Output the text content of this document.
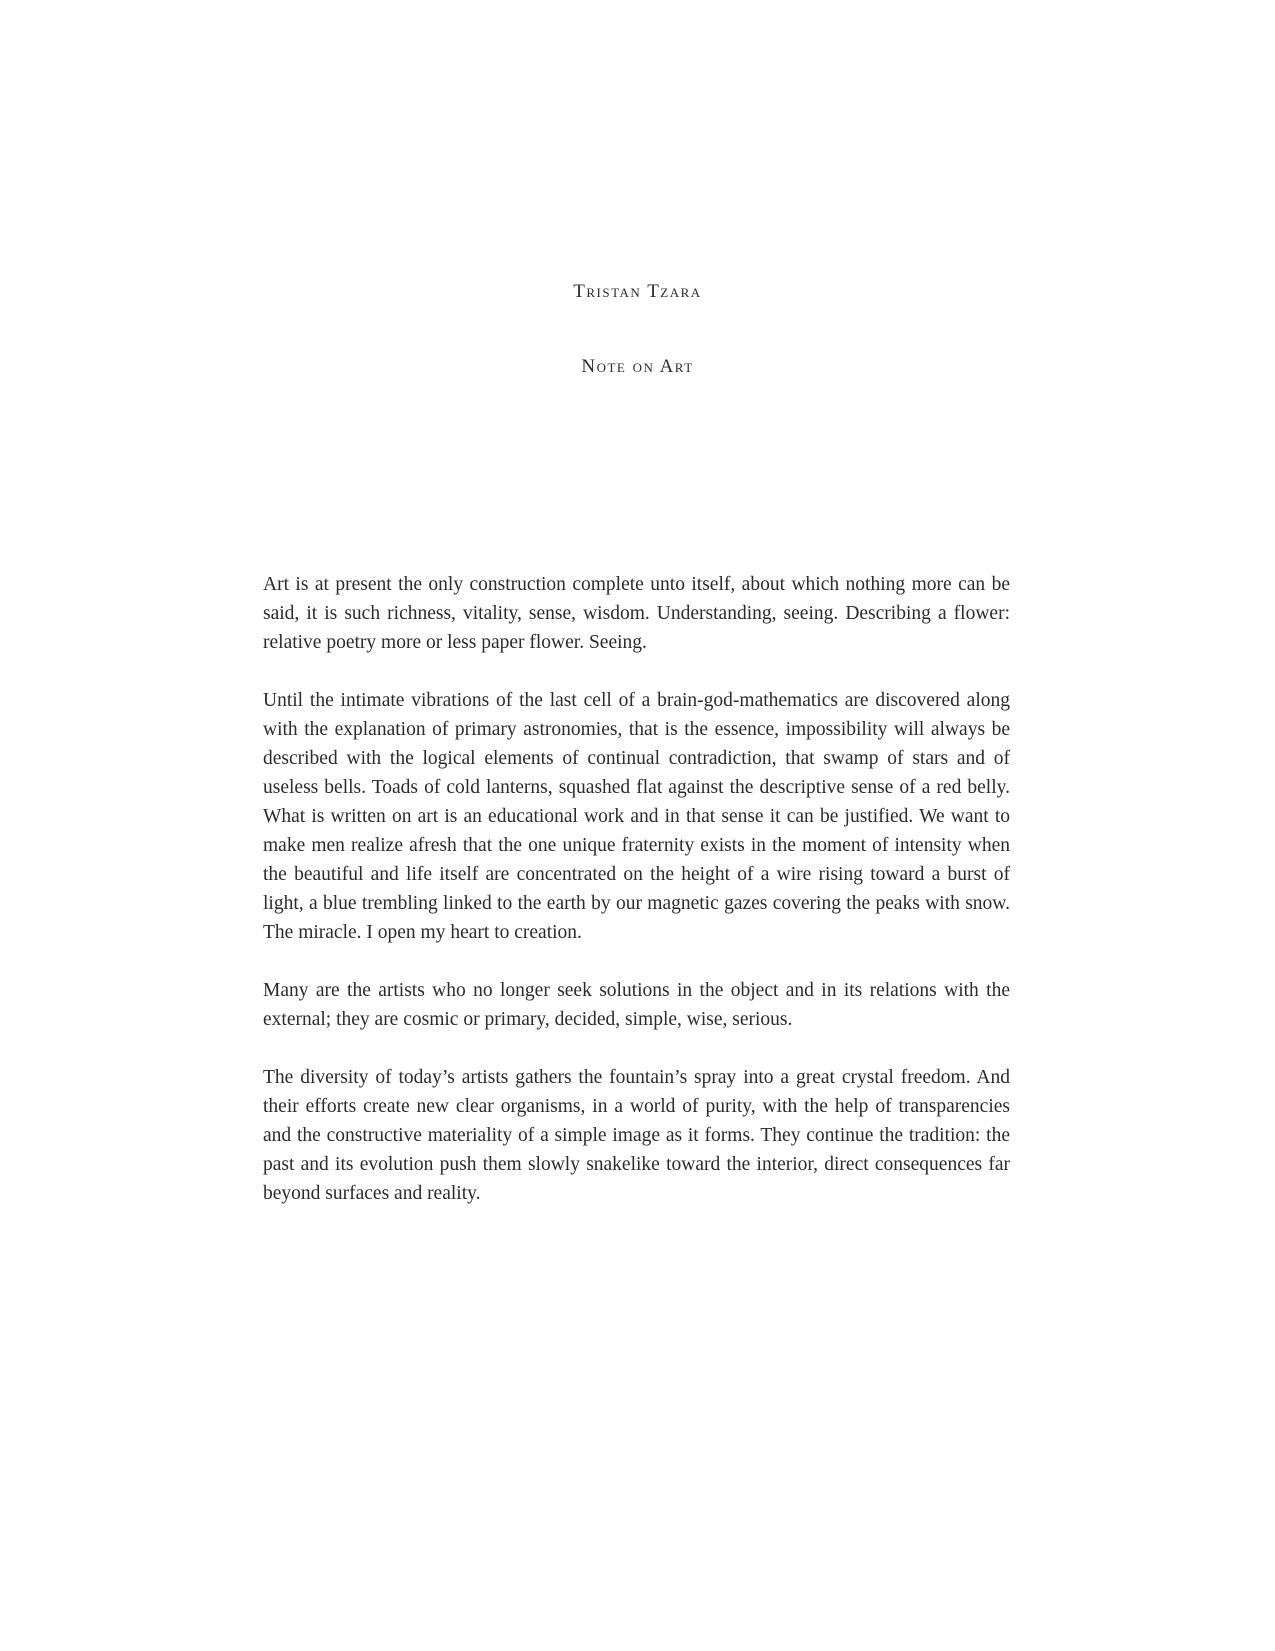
Tristan Tzara
Note on Art

Art is at present the only construction complete unto itself, about which nothing more can be said, it is such richness, vitality, sense, wisdom. Understanding, seeing. Describing a flower: relative poetry more or less paper flower. Seeing.

Until the intimate vibrations of the last cell of a brain-god-mathematics are discovered along with the explanation of primary astronomies, that is the essence, impossibility will always be described with the logical elements of continual contradiction, that swamp of stars and of useless bells. Toads of cold lanterns, squashed flat against the descriptive sense of a red belly. What is written on art is an educational work and in that sense it can be justified. We want to make men realize afresh that the one unique fraternity exists in the moment of intensity when the beautiful and life itself are concentrated on the height of a wire rising toward a burst of light, a blue trembling linked to the earth by our magnetic gazes covering the peaks with snow. The miracle. I open my heart to creation.

Many are the artists who no longer seek solutions in the object and in its relations with the external; they are cosmic or primary, decided, simple, wise, serious.

The diversity of today’s artists gathers the fountain’s spray into a great crystal freedom. And their efforts create new clear organisms, in a world of purity, with the help of transparencies and the constructive materiality of a simple image as it forms. They continue the tradition: the past and its evolution push them slowly snakelike toward the interior, direct consequences far beyond surfaces and reality.
